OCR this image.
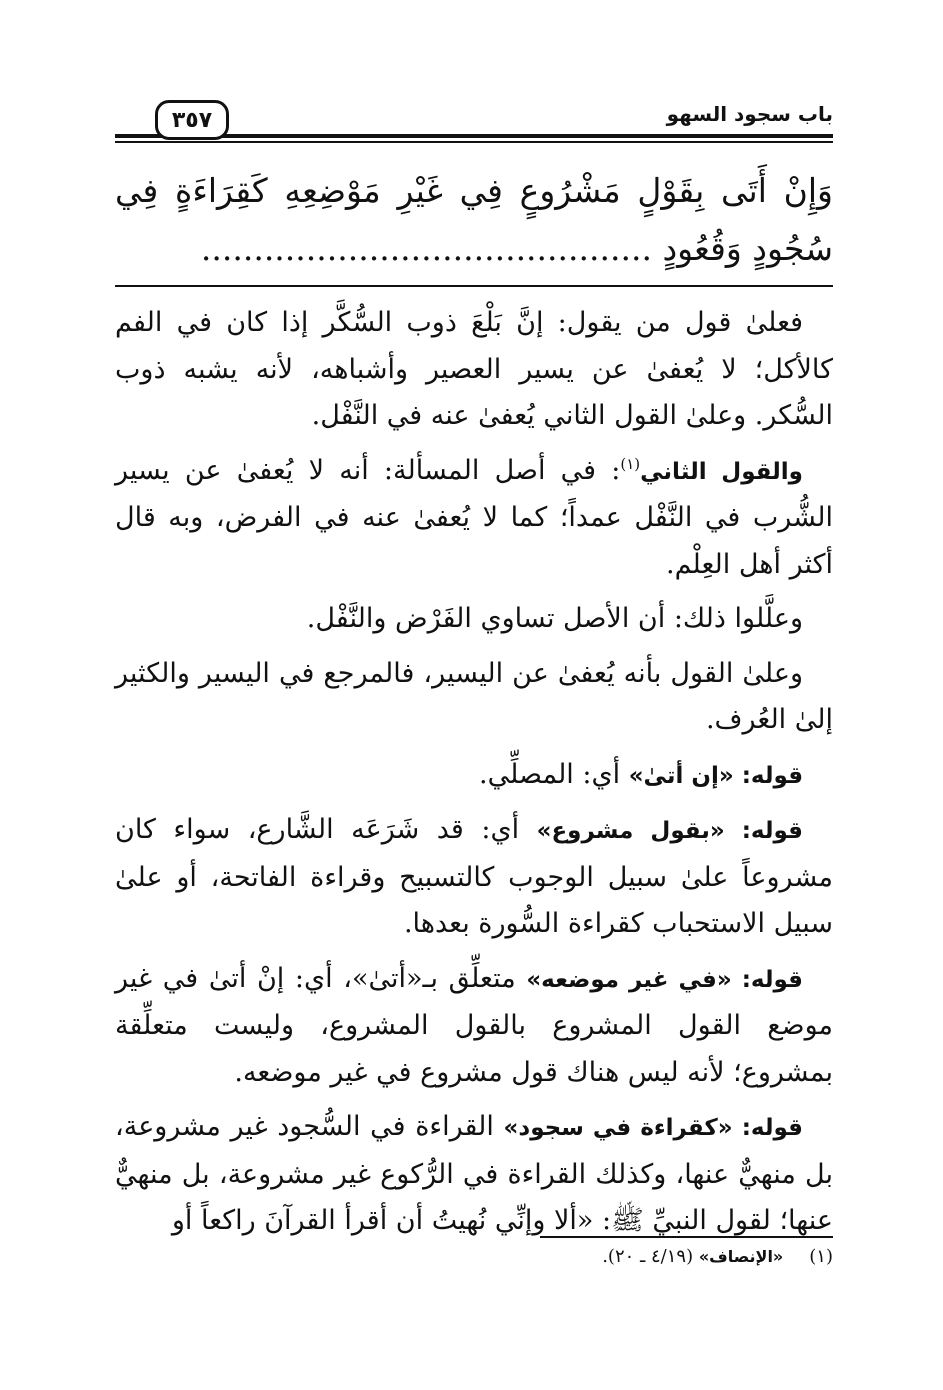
باب سجود السهو
٣٥٧
وَإِنْ أَتَى بِقَوْلٍ مَشْرُوعٍ فِي غَيْرِ مَوْضِعِهِ كَقِرَاءَةٍ فِي سُجُودٍ وَقُعُودٍ ...........................................

فعلىٰ قول من يقول: إنَّ بَلْعَ ذوب السُّكَّر إذا كان في الفم كالأكل؛ لا يُعفىٰ عن يسير العصير وأشباهه، لأنه يشبه ذوب السُّكر. وعلىٰ القول الثاني يُعفىٰ عنه في النَّفْل.

والقول الثاني$^{(١)}$: في أصل المسألة: أنه لا يُعفىٰ عن يسير الشُّرب في النَّفْل عمداً؛ كما لا يُعفىٰ عنه في الفرض، وبه قال أكثر أهل العِلْم.

وعلَّلوا ذلك: أن الأصل تساوي الفَرْض والنَّفْل.

وعلىٰ القول بأنه يُعفىٰ عن اليسير، فالمرجع في اليسير والكثير إلىٰ العُرف.

قوله: «إن أتىٰ» أي: المصلِّي.

قوله: «بقول مشروع» أي: قد شَرَعَه الشَّارع، سواء كان مشروعاً علىٰ سبيل الوجوب كالتسبيح وقراءة الفاتحة، أو علىٰ سبيل الاستحباب كقراءة السُّورة بعدها.

قوله: «في غير موضعه» متعلِّق بـ«أتىٰ»، أي: إنْ أتىٰ في غير موضع القول المشروع بالقول المشروع، وليست متعلِّقة بمشروع؛ لأنه ليس هناك قول مشروع في غير موضعه.

قوله: «كقراءة في سجود» القراءة في السُّجود غير مشروعة، بل منهيٌّ عنها، وكذلك القراءة في الرُّكوع غير مشروعة، بل منهيٌّ عنها؛ لقول النبيِّ ﷺ: «ألا وإنِّي نُهيتُ أن أقرأ القرآنَ راكعاً أو

(١)«الإنصاف» (٤/١٩ ـ ٢٠).
